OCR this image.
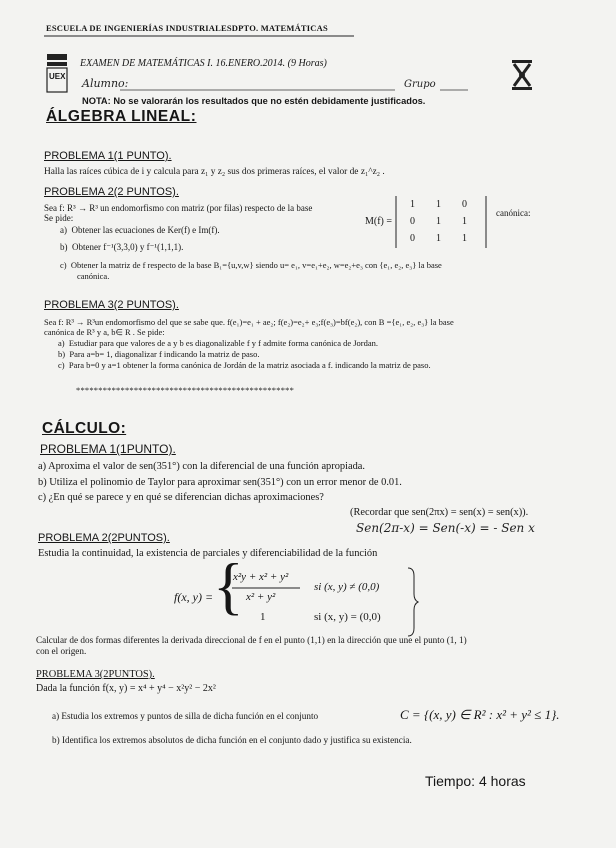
ESCUELA DE INGENIERÍAS INDUSTRIALESDPTO. MATEMÁTICAS
UEX
EXAMEN DE MATEMÁTICAS I. 16.ENERO.2014. (9 Horas)
Alumno:	Grupo
NOTA: No se valorarán los resultados que no estén debidamente justificados.
ÁLGEBRA LINEAL:
PROBLEMA 1(1 PUNTO).
Halla las raíces cúbica de i y calcula para z₁ y z₂ sus dos primeras raíces, el valor de z₁^z₂ .
PROBLEMA 2(2 PUNTOS).
Sea f: R³ → R³ un endomorfismo con matriz (por filas) respecto de la base
Se pide:	M(f) =
1 1 0
0 1 1
0 1 1
canónica:
a) Obtener las ecuaciones de Ker(f) e Im(f).
b) Obtener f⁻¹(3,3,0) y f⁻¹(1,1,1).
c) Obtener la matriz de f respecto de la base B₁={u,v,w} siendo u= e₁, v=e₁+e₂, w=e₂+e₃ con {e₁, e₂, e₃} la base
canónica.
PROBLEMA 3(2 PUNTOS).
Sea f: R³ → R³un endomorfismo del que se sabe que. f(e₁)=e₁ + ae₂; f(e₂)=e₂+ e₃;f(e₃)=bf(e₂), con B ={e₁, e₂, e₃} la base
canónica de R³ y a, b∈ R . Se pide:
a) Estudiar para que valores de a y b es diagonalizable f y f admite forma canónica de Jordan.
b) Para a=b= 1, diagonalizar f indicando la matriz de paso.
c) Para b=0 y a=1 obtener la forma canónica de Jordán de la matriz asociada a f. indicando la matriz de paso.
*************************************************
CÁLCULO:
PROBLEMA 1(1PUNTO).
a) Aproxima el valor de sen(351°) con la diferencial de una función apropiada.
b) Utiliza el polinomio de Taylor para aproximar sen(351°) con un error menor de 0.01.
c) ¿En qué se parece y en qué se diferencian dichas aproximaciones?
(Recordar que sen(2πx) = sen(x) = sen(x)).
Sen(2π-x) = Sen(-x) = - Sen x
PROBLEMA 2(2PUNTOS).
Estudia la continuidad, la existencia de parciales y diferenciabilidad de la función
f(x, y) = {
x²y + x² + y²
x² + y²
si (x, y) ≠ (0,0)
1	si (x, y) = (0,0)
Calcular de dos formas diferentes la derivada direccional de f en el punto (1,1) en la dirección que une el punto (1, 1)
con el origen.
PROBLEMA 3(2PUNTOS).
Dada la función f(x, y) = x⁴ + y⁴ − x²y² − 2x²
a) Estudia los extremos y puntos de silla de dicha función en el conjunto	C = {(x, y) ∈ R² : x² + y² ≤ 1}.
b) Identifica los extremos absolutos de dicha función en el conjunto dado y justifica su existencia.
Tiempo: 4 horas
